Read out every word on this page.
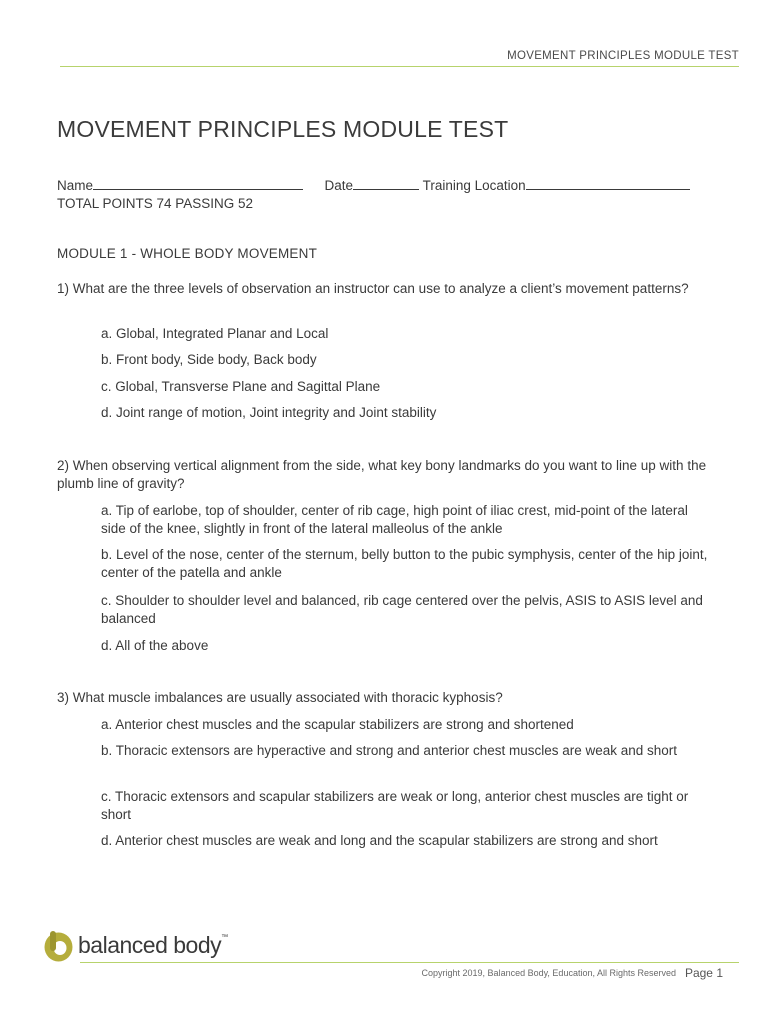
MOVEMENT PRINCIPLES MODULE TEST
MOVEMENT PRINCIPLES MODULE TEST
Name	Date	Training Location
TOTAL POINTS 74 PASSING 52
MODULE 1 - WHOLE BODY MOVEMENT
1) What are the three levels of observation an instructor can use to analyze a client’s movement patterns?
a. Global, Integrated Planar and Local
b. Front body, Side body, Back body
c. Global, Transverse Plane and Sagittal Plane
d. Joint range of motion, Joint integrity and Joint stability
2) When observing vertical alignment from the side, what key bony landmarks do you want to line up with the plumb line of gravity?
a. Tip of earlobe, top of shoulder, center of rib cage, high point of iliac crest, mid-point of the lateral side of the knee, slightly in front of the lateral malleolus of the ankle
b. Level of the nose, center of the sternum, belly button to the pubic symphysis, center of the hip joint, center of the patella and ankle
c. Shoulder to shoulder level and balanced, rib cage centered over the pelvis, ASIS to ASIS level and balanced
d. All of the above
3) What muscle imbalances are usually associated with thoracic kyphosis?
a. Anterior chest muscles and the scapular stabilizers are strong and shortened
b. Thoracic extensors are hyperactive and strong and anterior chest muscles are weak and short
c. Thoracic extensors and scapular stabilizers are weak or long, anterior chest muscles are tight or short
d. Anterior chest muscles are weak and long and the scapular stabilizers are strong and short
balanced body™
Copyright 2019, Balanced Body, Education, All Rights Reserved Page 1
